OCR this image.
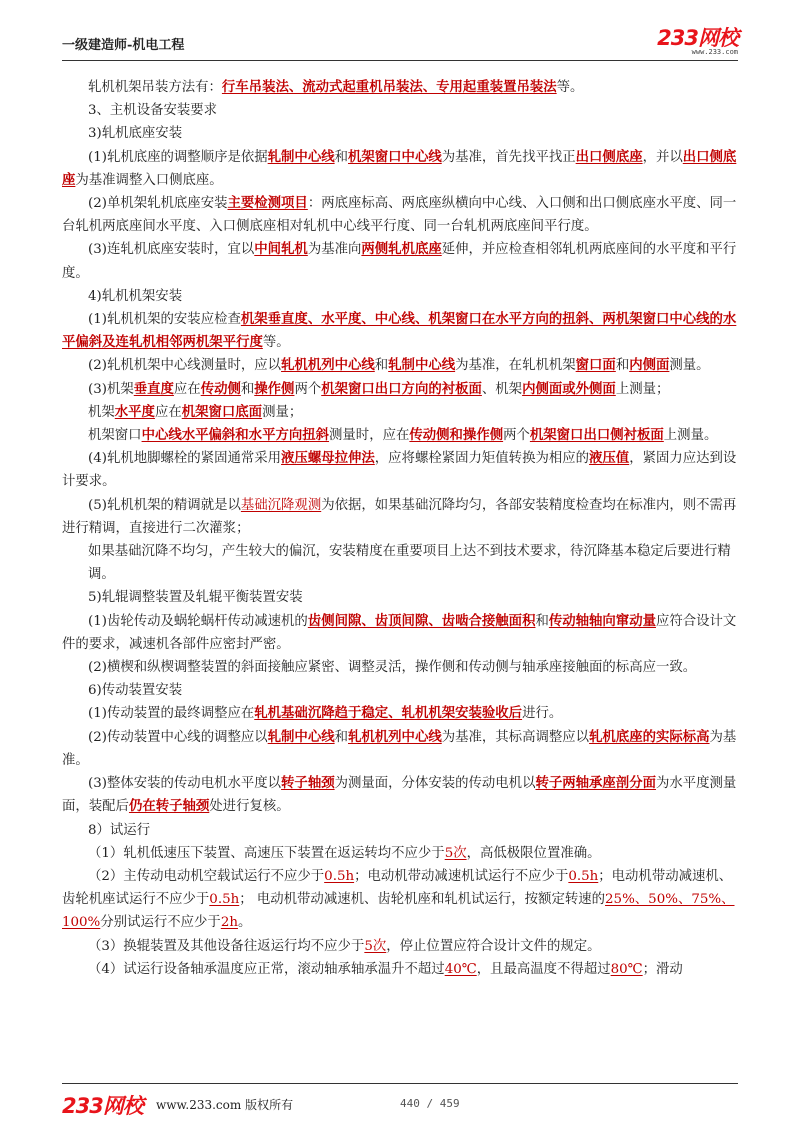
一级建造师-机电工程	233网校
www.233.com

轧机机架吊装方法有：行车吊装法、流动式起重机吊装法、专用起重装置吊装法等。

3、主机设备安装要求

3)轧机底座安装

(1)轧机底座的调整顺序是依据轧制中心线和机架窗口中心线为基准，首先找平找正出口侧底座，并以出口侧底座为基准调整入口侧底座。

(2)单机架轧机底座安装主要检测项目：两底座标高、两底座纵横向中心线、入口侧和出口侧底座水平度、同一台轧机两底座间水平度、入口侧底座相对轧机中心线平行度、同一台轧机两底座间平行度。

(3)连轧机底座安装时，宜以中间轧机为基准向两侧轧机底座延伸，并应检查相邻轧机两底座间的水平度和平行度。

4)轧机机架安装

(1)轧机机架的安装应检查机架垂直度、水平度、中心线、机架窗口在水平方向的扭斜、两机架窗口中心线的水平偏斜及连轧机相邻两机架平行度等。

(2)轧机机架中心线测量时，应以轧机机列中心线和轧制中心线为基准，在轧机机架窗口面和内侧面测量。

(3)机架垂直度应在传动侧和操作侧两个机架窗口出口方向的衬板面、机架内侧面或外侧面上测量；

机架水平度应在机架窗口底面测量；

机架窗口中心线水平偏斜和水平方向扭斜测量时，应在传动侧和操作侧两个机架窗口出口侧衬板面上测量。

(4)轧机地脚螺栓的紧固通常采用液压螺母拉伸法，应将螺栓紧固力矩值转换为相应的液压值，紧固力应达到设计要求。

(5)轧机机架的精调就是以基础沉降观测为依据，如果基础沉降均匀，各部安装精度检查均在标准内，则不需再进行精调，直接进行二次灌浆；

如果基础沉降不均匀，产生较大的偏沉，安装精度在重要项目上达不到技术要求，待沉降基本稳定后要进行精调。

5)轧辊调整装置及轧辊平衡装置安装

(1)齿轮传动及蜗轮蜗杆传动减速机的齿侧间隙、齿顶间隙、齿啮合接触面积和传动轴轴向窜动量应符合设计文件的要求，减速机各部件应密封严密。

(2)横楔和纵楔调整装置的斜面接触应紧密、调整灵活，操作侧和传动侧与轴承座接触面的标高应一致。

6)传动装置安装

(1)传动装置的最终调整应在轧机基础沉降趋于稳定、轧机机架安装验收后进行。

(2)传动装置中心线的调整应以轧制中心线和轧机机列中心线为基准，其标高调整应以轧机底座的实际标高为基准。

(3)整体安装的传动电机水平度以转子轴颈为测量面，分体安装的传动电机以转子两轴承座剖分面为水平度测量面，装配后仍在转子轴颈处进行复核。

8）试运行

（1）轧机低速压下装置、高速压下装置在返运转均不应少于5次，高低极限位置准确。

（2）主传动电动机空载试运行不应少于0.5h；电动机带动减速机试运行不应少于0.5h；电动机带动减速机、齿轮机座试运行不应少于0.5h； 电动机带动减速机、齿轮机座和轧机试运行，按额定转速的25%、50%、75%、100%分别试运行不应少于2h。

（3）换辊装置及其他设备往返运行均不应少于5次，停止位置应符合设计文件的规定。

（4）试运行设备轴承温度应正常，滚动轴承轴承温升不超过40℃，且最高温度不得超过80℃；滑动

233网校 www.233.com 版权所有	440 / 459
